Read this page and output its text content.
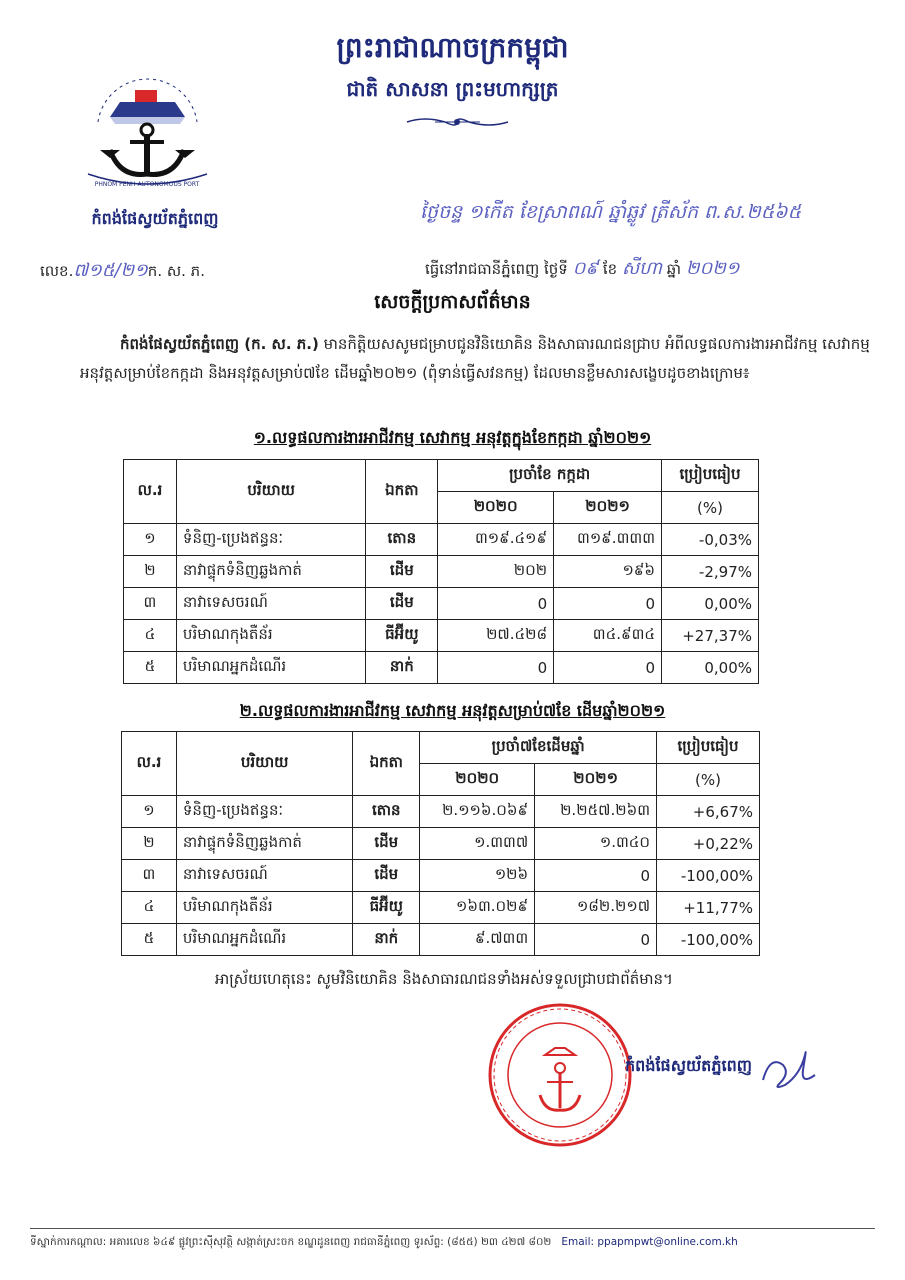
ព្រះរាជាណាចក្រកម្ពុជា
ជាតិ សាសនា ព្រះមហាក្សត្រ
PHNOM PENH AUTONOMOUS PORT
កំពង់ផែស្វយ័តភ្នំពេញ	ថ្ងៃចន្ទ ១កើត ខែស្រាពណ៍ ឆ្នាំឆ្លូវ ត្រីស័ក ព.ស.២៥៦៥
លេខ.៧១៥/២១ក. ស. ភ.	ធ្វើនៅរាជធានីភ្នំពេញ ថ្ងៃទី ០៩ ខែ សីហា ឆ្នាំ ២០២១
សេចក្តីប្រកាសព័ត៌មាន
កំពង់ផែស្វយ័តភ្នំពេញ (ក. ស. ភ.) មានកិត្តិយសសូមជម្រាបជូនវិនិយោគិន និងសាធារណជនជ្រាប អំពីលទ្ធផលការងារអាជីវកម្ម សេវាកម្ម អនុវត្តសម្រាប់ខែកក្កដា និងអនុវត្តសម្រាប់៧ខែ ដើមឆ្នាំ២០២១ (ពុំទាន់ធ្វើសវនកម្ម) ដែលមានខ្លឹមសារសង្ខេបដូចខាងក្រោម៖
១.លទ្ធផលការងារអាជីវកម្ម សេវាកម្ម អនុវត្តក្នុងខែកក្កដា ឆ្នាំ២០២១
ល.រ	បរិយាយ	ឯកតា	ប្រចាំខែ កក្កដា		ប្រៀបធៀប
			២០២០	២០២១	(%)
១	ទំនិញ-ប្រេងឥន្ធនៈ	តោន	៣១៩.៤១៩	៣១៩.៣៣៣	-0,03%
២	នាវាផ្ទុកទំនិញឆ្លងកាត់	ដើម	២០២	១៩៦	-2,97%
៣	នាវាទេសចរណ៍	ដើម	0	0	0,00%
៤	បរិមាណកុងតឺន័រ	ធីអ៊ីយូ	២៧.៤២៨	៣៤.៩៣៤	+27,37%
៥	បរិមាណអ្នកដំណើរ	នាក់	0	0	0,00%
២.លទ្ធផលការងារអាជីវកម្ម សេវាកម្ម អនុវត្តសម្រាប់៧ខែ ដើមឆ្នាំ២០២១
ល.រ	បរិយាយ	ឯកតា	ប្រចាំ៧ខែដើមឆ្នាំ		ប្រៀបធៀប
			២០២០	២០២១	(%)
១	ទំនិញ-ប្រេងឥន្ធនៈ	តោន	២.១១៦.០៦៩	២.២៥៧.២៦៣	+6,67%
២	នាវាផ្ទុកទំនិញឆ្លងកាត់	ដើម	១.៣៣៧	១.៣៤០	+0,22%
៣	នាវាទេសចរណ៍	ដើម	១២៦	0	-100,00%
៤	បរិមាណកុងតឺន័រ	ធីអ៊ីយូ	១៦៣.០២៩	១៨២.២១៧	+11,77%
៥	បរិមាណអ្នកដំណើរ	នាក់	៩.៧៣៣	0	-100,00%
អាស្រ័យហេតុនេះ សូមវិនិយោគិន និងសាធារណជនទាំងអស់ទទួលជ្រាបជាព័ត៌មាន។
កំពង់ផែស្វយ័តភ្នំពេញ
ទីស្នាក់ការកណ្តាល: អគារលេខ ៦៤៩ ផ្លូវព្រះស៊ីសុវត្ថិ សង្កាត់ស្រះចក ខណ្ឌដូនពេញ រាជធានីភ្នំពេញ ទូរស័ព្ទ: (៨៥៥) ២៣ ៤២៧ ៨០២ Email: ppapmpwt@online.com.kh
